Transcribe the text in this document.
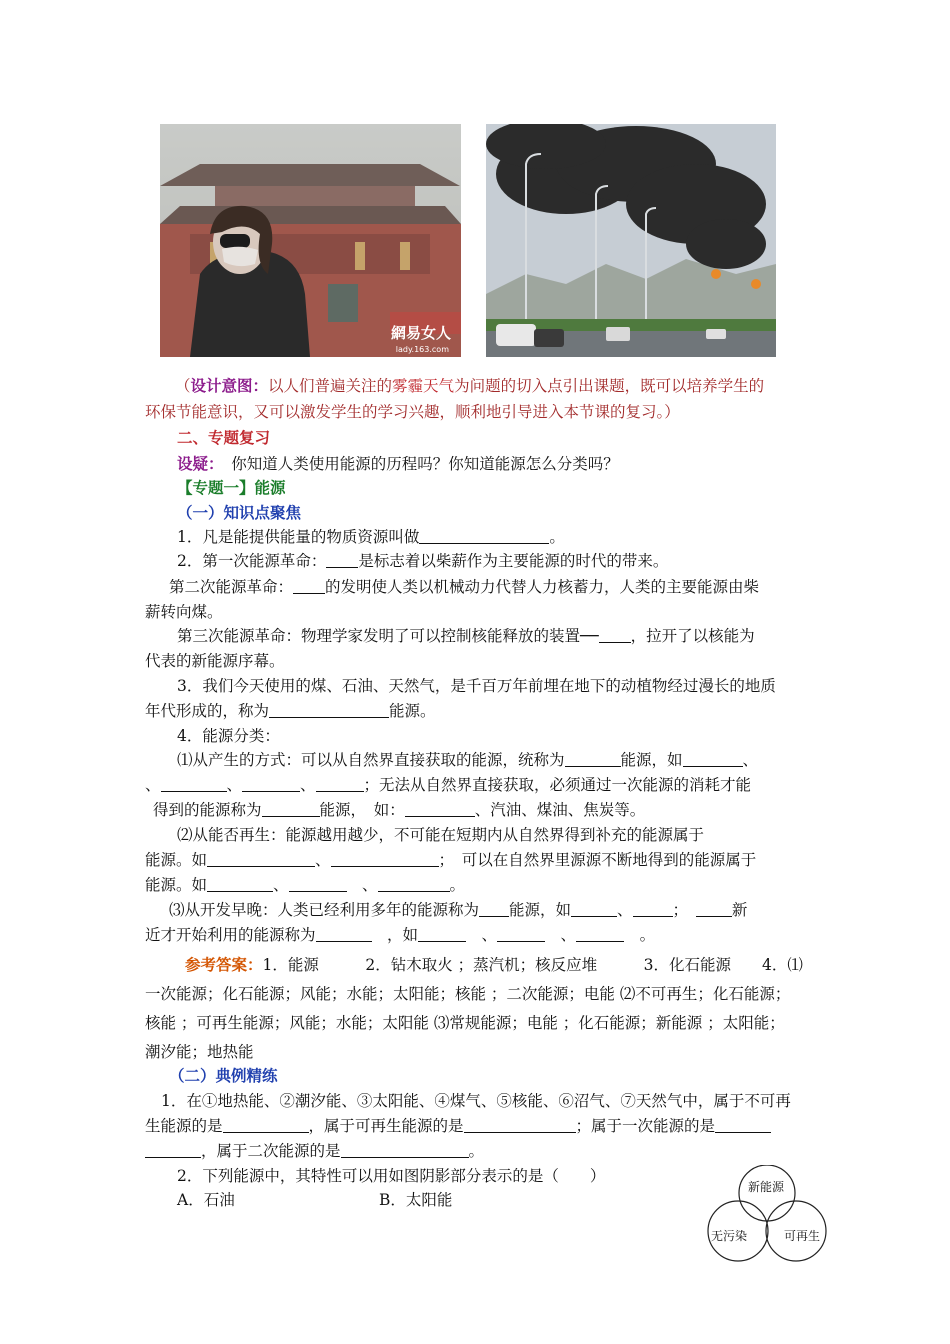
網易女人
lady.163.com
（设计意图：以人们普遍关注的雾霾天气为问题的切入点引出课题，既可以培养学生的
环保节能意识，又可以激发学生的学习兴趣，顺利地引导进入本节课的复习。）
二、专题复习
设疑：　 你知道人类使用能源的历程吗？你知道能源怎么分类吗？
【专题一】能源
（一）知识点聚焦
1．凡是能提供能量的物质资源叫做	。
2．第一次能源革命： 是标志着以柴薪作为主要能源的时代的带来。
第二次能源革命： 的发明使人类以机械动力代替人力核蓄力，人类的主要能源由柴
薪转向煤。
第三次能源革命：物理学家发明了可以控制核能释放的装置── ，拉开了以核能为
代表的新能源序幕。
3．我们今天使用的煤、石油、天然气，是千百万年前埋在地下的动植物经过漫长的地质
年代形成的，称为	能源。
4．能源分类：
⑴从产生的方式：可以从自然界直接获取的能源，统称为	能源，如	、
、	、	、	；无法从自然界直接获取，必须通过一次能源的消耗才能
得到的能源称为	能源，　如：	、汽油、煤油、焦炭等。
⑵从能否再生：能源越用越少，不可能在短期内从自然界得到补充的能源属于
能源。如	、	；　可以在自然界里源源不断地得到的能源属于
能源。如	、	　、	。
⑶从开发早晚：人类已经利用多年的能源称为 能源，如	、	；　	新
近才开始利用的能源称为	　，如	　、	　、	　。
参考答案：1．能源　　　2．钻木取火 ；蒸汽机；核反应堆　　　3．化石能源　　4．⑴
一次能源；化石能源；风能；水能；太阳能；核能 ；二次能源；电能 ⑵不可再生；化石能源；
核能 ；可再生能源；风能；水能；太阳能 ⑶常规能源；电能 ；化石能源；新能源 ；太阳能；
潮汐能；地热能
（二）典例精练
1．在①地热能、②潮汐能、③太阳能、④煤气、⑤核能、⑥沼气、⑦天然气中，属于不可再
生能源的是	，属于可再生能源的是	；属于一次能源的是
，属于二次能源的是	。
2．下列能源中，其特性可以用如图阴影部分表示的是（　　）
A．石油	B．太阳能
新能源
无污染	可再生
